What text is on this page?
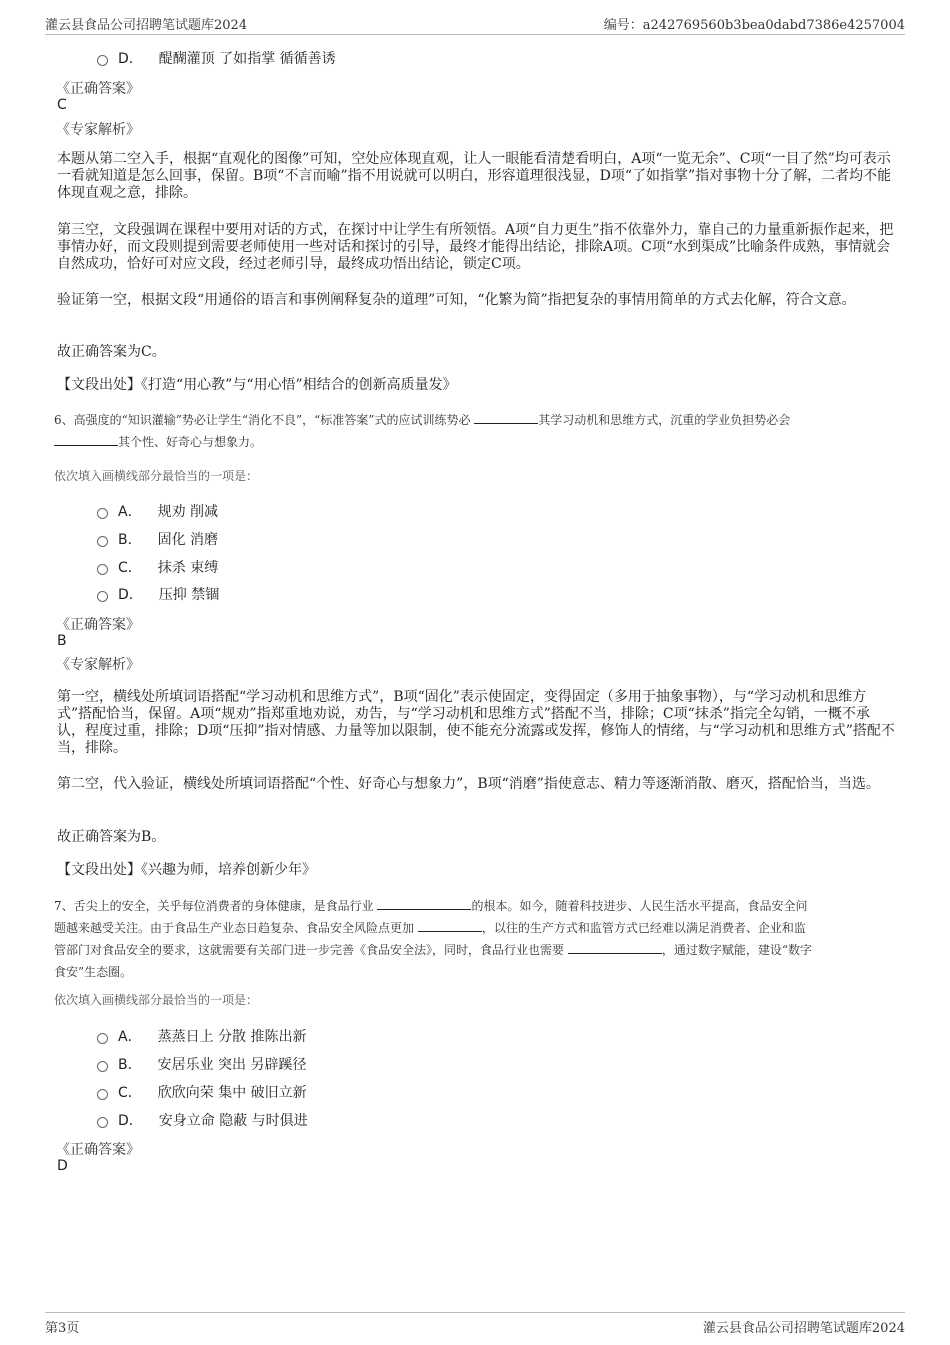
灌云县食品公司招聘笔试题库2024	编号：a242769560b3bea0dabd7386e4257004
D． 醍醐灌顶 了如指掌 循循善诱
《正确答案》
C
《专家解析》
本题从第二空入手，根据“直观化的图像”可知，空处应体现直观，让人一眼能看清楚看明白，A项“一览无余”、C项“一目了然”均可表示一看就知道是怎么回事，保留。B项“不言而喻”指不用说就可以明白，形容道理很浅显，D项“了如指掌”指对事物十分了解，二者均不能体现直观之意，排除。
第三空，文段强调在课程中要用对话的方式，在探讨中让学生有所领悟。A项“自力更生”指不依靠外力，靠自己的力量重新振作起来，把事情办好，而文段则提到需要老师使用一些对话和探讨的引导，最终才能得出结论，排除A项。C项“水到渠成”比喻条件成熟，事情就会自然成功，恰好可对应文段，经过老师引导，最终成功悟出结论，锁定C项。
验证第一空，根据文段“用通俗的语言和事例阐释复杂的道理”可知，“化繁为简”指把复杂的事情用简单的方式去化解，符合文意。
故正确答案为C。
【文段出处】《打造“用心教”与“用心悟”相结合的创新高质量发》
6、高强度的“知识灌输”势必让学生“消化不良”，“标准答案”式的应试训练势必	其学习动机和思维方式，沉重的学业负担势必会
其个性、好奇心与想象力。
依次填入画横线部分最恰当的一项是：
A． 规劝 削减
B． 固化 消磨
C． 抹杀 束缚
D． 压抑 禁锢
《正确答案》
B
《专家解析》
第一空，横线处所填词语搭配“学习动机和思维方式”，B项“固化”表示使固定，变得固定（多用于抽象事物），与“学习动机和思维方式”搭配恰当，保留。A项“规劝”指郑重地劝说，劝告，与“学习动机和思维方式”搭配不当，排除；C项“抹杀”指完全勾销，一概不承认，程度过重，排除；D项“压抑”指对情感、力量等加以限制，使不能充分流露或发挥，修饰人的情绪，与“学习动机和思维方式”搭配不当，排除。
第二空，代入验证，横线处所填词语搭配“个性、好奇心与想象力”，B项“消磨”指使意志、精力等逐渐消散、磨灭，搭配恰当，当选。
故正确答案为B。
【文段出处】《兴趣为师，培养创新少年》
7、舌尖上的安全，关乎每位消费者的身体健康，是食品行业	的根本。如今，随着科技进步、人民生活水平提高，食品安全问
题越来越受关注。由于食品生产业态日趋复杂、食品安全风险点更加	，以往的生产方式和监管方式已经难以满足消费者、企业和监
管部门对食品安全的要求，这就需要有关部门进一步完善《食品安全法》，同时，食品行业也需要	，通过数字赋能，建设“数字
食安”生态圈。
依次填入画横线部分最恰当的一项是：
A． 蒸蒸日上 分散 推陈出新
B． 安居乐业 突出 另辟蹊径
C． 欣欣向荣 集中 破旧立新
D． 安身立命 隐蔽 与时俱进
《正确答案》
D
第3页	灌云县食品公司招聘笔试题库2024
